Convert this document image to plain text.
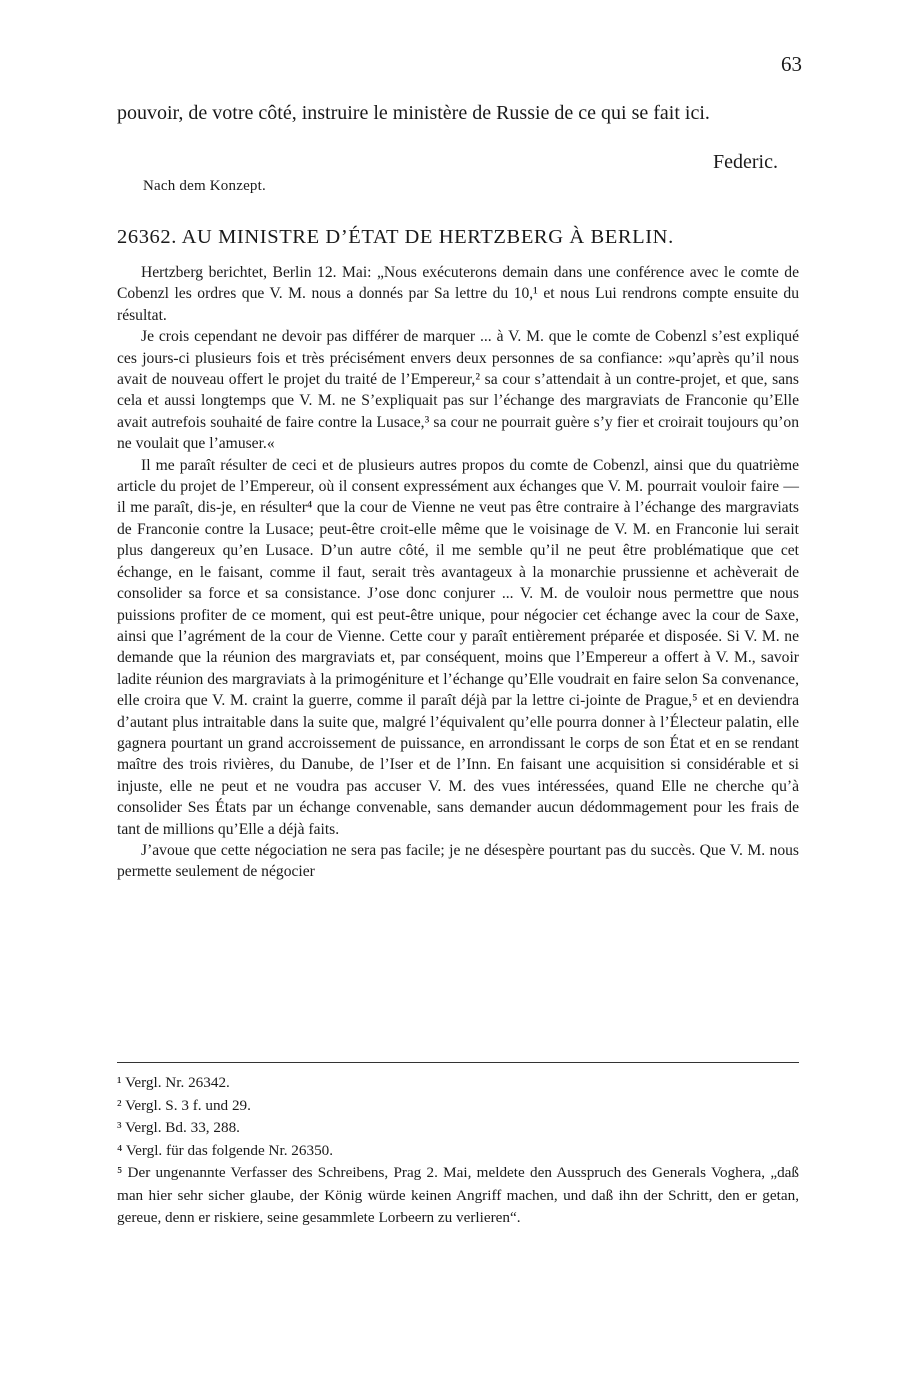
63

pouvoir, de votre côté, instruire le ministère de Russie de ce qui se fait ici.

Federic.
Nach dem Konzept.
26362. AU MINISTRE D’ÉTAT DE HERTZBERG À BERLIN.

Hertzberg berichtet, Berlin 12. Mai: „Nous exécuterons demain dans une conférence avec le comte de Cobenzl les ordres que V. M. nous a donnés par Sa lettre du 10,¹ et nous Lui rendrons compte ensuite du résultat.

Je crois cependant ne devoir pas différer de marquer ... à V. M. que le comte de Cobenzl s’est expliqué ces jours-ci plusieurs fois et très précisément envers deux personnes de sa confiance: »qu’après qu’il nous avait de nouveau offert le projet du traité de l’Empereur,² sa cour s’attendait à un contre-projet, et que, sans cela et aussi longtemps que V. M. ne S’expliquait pas sur l’échange des margraviats de Franconie qu’Elle avait autrefois souhaité de faire contre la Lusace,³ sa cour ne pourrait guère s’y fier et croirait toujours qu’on ne voulait que l’amuser.«

Il me paraît résulter de ceci et de plusieurs autres propos du comte de Cobenzl, ainsi que du quatrième article du projet de l’Empereur, où il consent expressément aux échanges que V. M. pourrait vouloir faire — il me paraît, dis-je, en résulter⁴ que la cour de Vienne ne veut pas être contraire à l’échange des margraviats de Franconie contre la Lusace; peut-être croit-elle même que le voisinage de V. M. en Franconie lui serait plus dangereux qu’en Lusace. D’un autre côté, il me semble qu’il ne peut être problématique que cet échange, en le faisant, comme il faut, serait très avantageux à la monarchie prussienne et achèverait de consolider sa force et sa consistance. J’ose donc conjurer ... V. M. de vouloir nous permettre que nous puissions profiter de ce moment, qui est peut-être unique, pour négocier cet échange avec la cour de Saxe, ainsi que l’agrément de la cour de Vienne. Cette cour y paraît entièrement préparée et disposée. Si V. M. ne demande que la réunion des margraviats et, par conséquent, moins que l’Empereur a offert à V. M., savoir ladite réunion des margraviats à la primogéniture et l’échange qu’Elle voudrait en faire selon Sa convenance, elle croira que V. M. craint la guerre, comme il paraît déjà par la lettre ci-jointe de Prague,⁵ et en deviendra d’autant plus intraitable dans la suite que, malgré l’équivalent qu’elle pourra donner à l’Électeur palatin, elle gagnera pourtant un grand accroissement de puissance, en arrondissant le corps de son État et en se rendant maître des trois rivières, du Danube, de l’Iser et de l’Inn. En faisant une acquisition si considérable et si injuste, elle ne peut et ne voudra pas accuser V. M. des vues intéressées, quand Elle ne cherche qu’à consolider Ses États par un échange convenable, sans demander aucun dédommagement pour les frais de tant de millions qu’Elle a déjà faits.

J’avoue que cette négociation ne sera pas facile; je ne désespère pourtant pas du succès. Que V. M. nous permette seulement de négocier

¹ Vergl. Nr. 26342.

² Vergl. S. 3 f. und 29.

³ Vergl. Bd. 33, 288.

⁴ Vergl. für das folgende Nr. 26350.

⁵ Der ungenannte Verfasser des Schreibens, Prag 2. Mai, meldete den Ausspruch des Generals Voghera, „daß man hier sehr sicher glaube, der König würde keinen Angriff machen, und daß ihn der Schritt, den er getan, gereue, denn er riskiere, seine gesammlete Lorbeern zu verlieren“.
